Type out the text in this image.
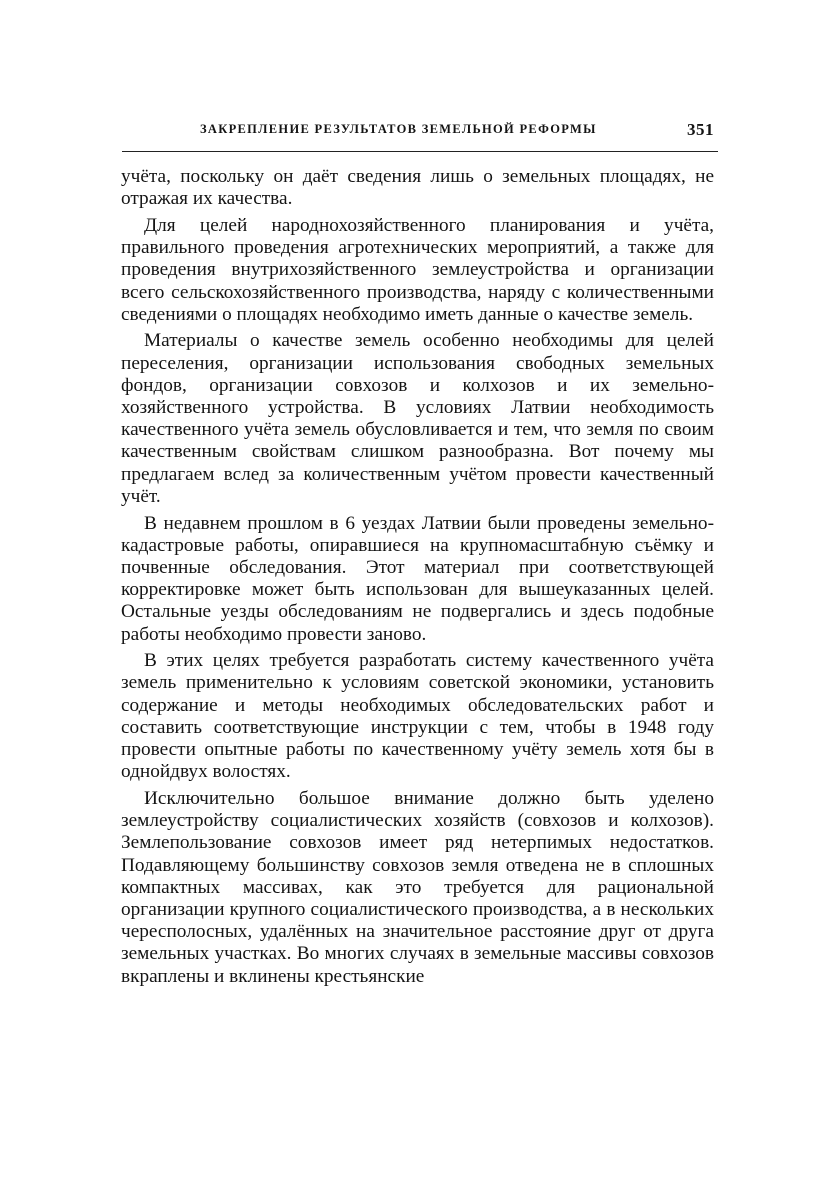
ЗАКРЕПЛЕНИЕ РЕЗУЛЬТАТОВ ЗЕМЕЛЬНОЙ РЕФОРМЫ	351

учёта, поскольку он даёт сведения лишь о земельных площадях, не отражая их качества.

Для целей народнохозяйственного планирования и учёта, правильного проведения агротехнических мероприятий, а также для проведения внутрихозяйственного землеустройства и организации всего сельскохозяйственного производства, наряду с количественными сведениями о площадях необходимо иметь данные о качестве земель.

Материалы о качестве земель особенно необходимы для целей переселения, организации использования свободных земельных фондов, организации совхозов и колхозов и их земельно-хозяйственного устройства. В условиях Латвии необходимость качественного учёта земель обусловливается и тем, что земля по своим качественным свойствам слишком разнообразна. Вот почему мы предлагаем вслед за количественным учётом провести качественный учёт.

В недавнем прошлом в 6 уездах Латвии были проведены земельно-кадастровые работы, опиравшиеся на крупномасштабную съёмку и почвенные обследования. Этот материал при соответствующей корректировке может быть использован для вышеуказанных целей. Остальные уезды обследованиям не подвергались и здесь подобные работы необходимо провести заново.

В этих целях требуется разработать систему качественного учёта земель применительно к условиям советской экономики, установить содержание и методы необходимых обследовательских работ и составить соответствующие инструкции с тем, чтобы в 1948 году провести опытные работы по качественному учёту земель хотя бы в однойдвух волостях.

Исключительно большое внимание должно быть уделено землеустройству социалистических хозяйств (совхозов и колхозов). Землепользование совхозов имеет ряд нетерпимых недостатков. Подавляющему большинству совхозов земля отведена не в сплошных компактных массивах, как это требуется для рациональной организации крупного социалистического производства, а в нескольких чересполосных, удалённых на значительное расстояние друг от друга земельных участках. Во многих случаях в земельные массивы совхозов вкраплены и вклинены крестьянские
